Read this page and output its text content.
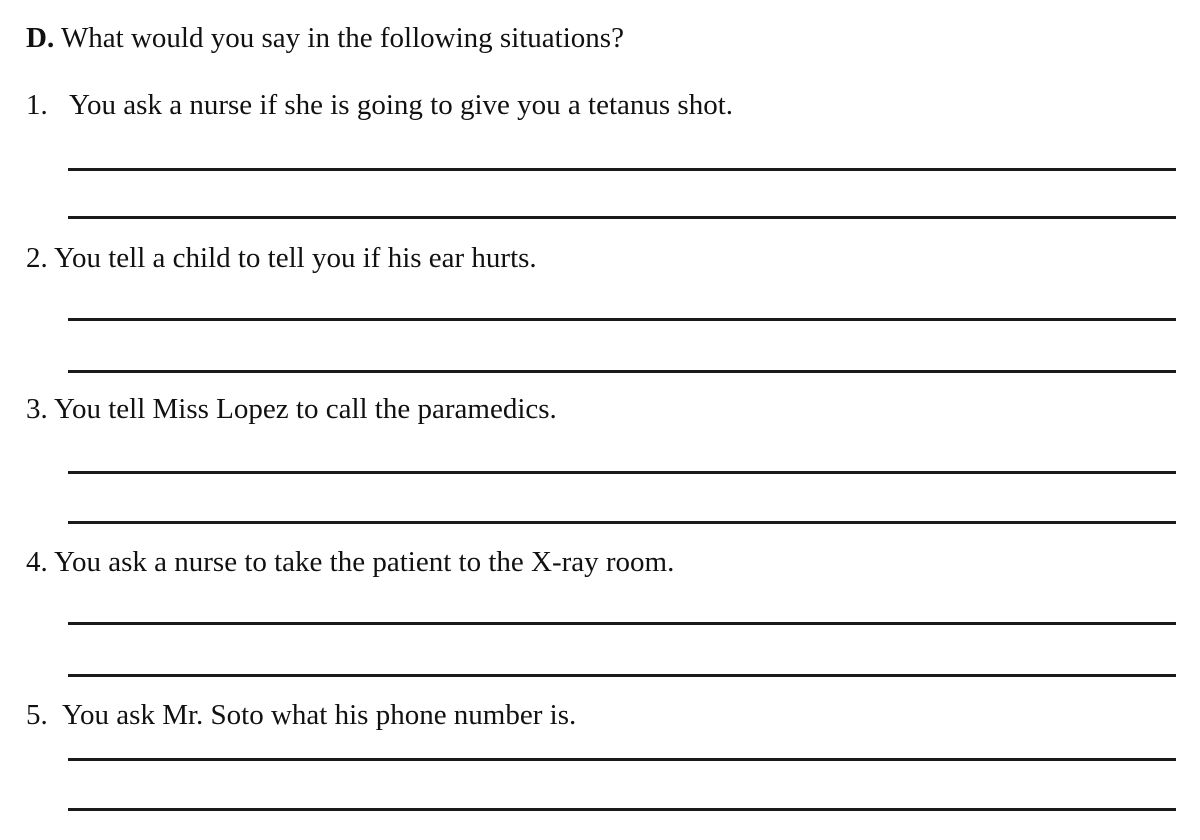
D. What would you say in the following situations?
1. You ask a nurse if she is going to give you a tetanus shot.
2. You tell a child to tell you if his ear hurts.
3. You tell Miss Lopez to call the paramedics.
4. You ask a nurse to take the patient to the X-ray room.
5. You ask Mr. Soto what his phone number is.
